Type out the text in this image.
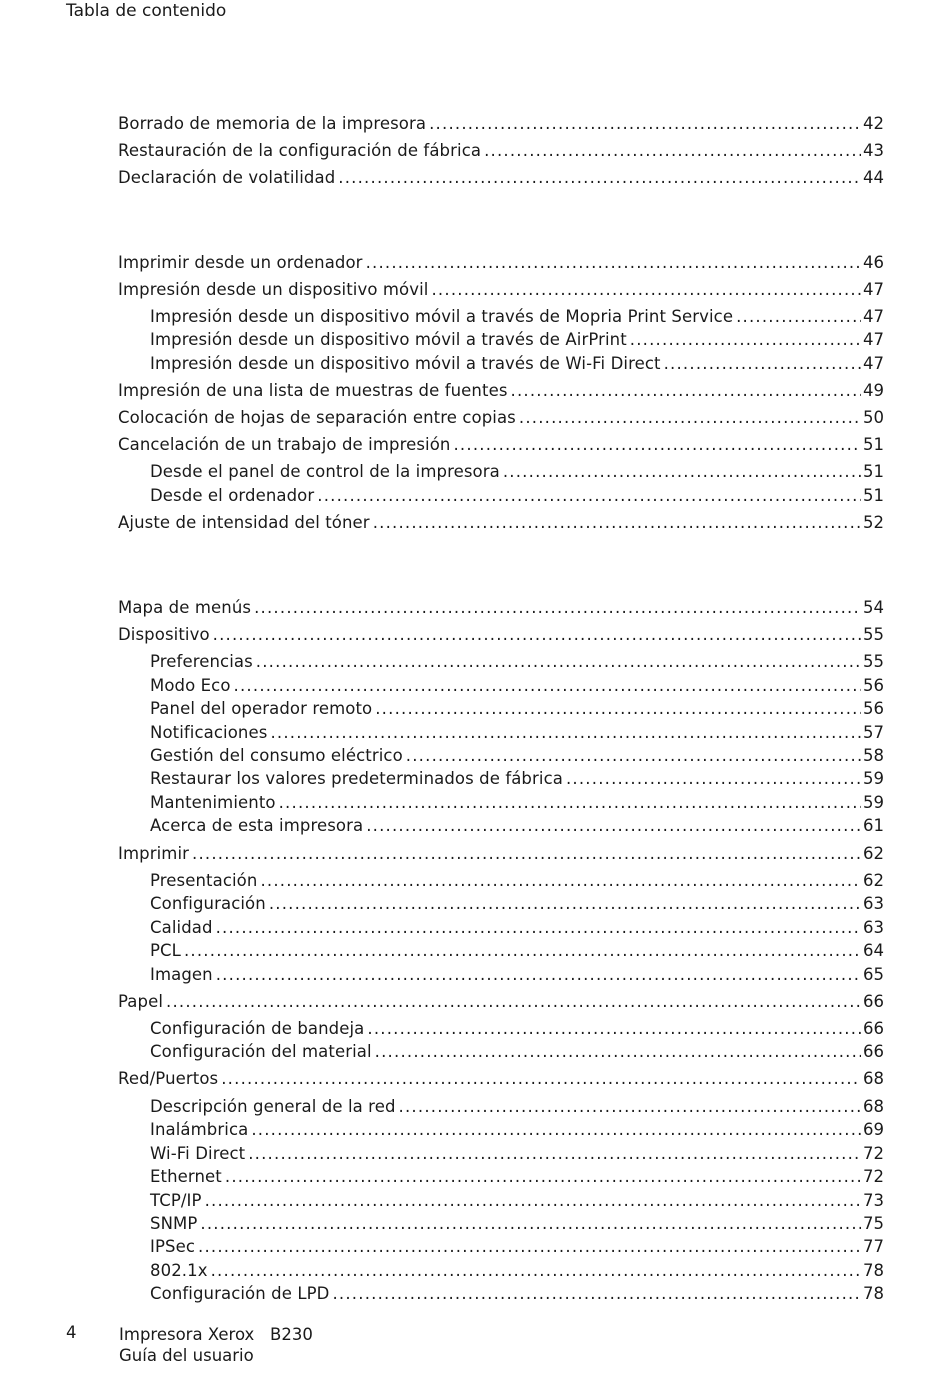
Tabla de contenido
Borrado de memoria de la impresora .....	42
Restauración de la configuración de fábrica .....	43
Declaración de volatilidad .....	44
Imprimir desde un ordenador .....	46
Impresión desde un dispositivo móvil .....	47
Impresión desde un dispositivo móvil a través de Mopria Print Service .....	47
Impresión desde un dispositivo móvil a través de AirPrint .....	47
Impresión desde un dispositivo móvil a través de Wi-Fi Direct .....	47
Impresión de una lista de muestras de fuentes .....	49
Colocación de hojas de separación entre copias .....	50
Cancelación de un trabajo de impresión .....	51
Desde el panel de control de la impresora .....	51
Desde el ordenador .....	51
Ajuste de intensidad del tóner .....	52
Mapa de menús .....	54
Dispositivo .....	55
Preferencias .....	55
Modo Eco .....	56
Panel del operador remoto .....	56
Notificaciones .....	57
Gestión del consumo eléctrico .....	58
Restaurar los valores predeterminados de fábrica .....	59
Mantenimiento .....	59
Acerca de esta impresora .....	61
Imprimir .....	62
Presentación .....	62
Configuración .....	63
Calidad .....	63
PCL .....	64
Imagen .....	65
Papel .....	66
Configuración de bandeja .....	66
Configuración del material .....	66
Red/Puertos .....	68
Descripción general de la red .....	68
Inalámbrica .....	69
Wi-Fi Direct .....	72
Ethernet .....	72
TCP/IP .....	73
SNMP .....	75
IPSec .....	77
802.1x .....	78
Configuración de LPD .....	78
4	Impresora Xerox   B230
Guía del usuario
